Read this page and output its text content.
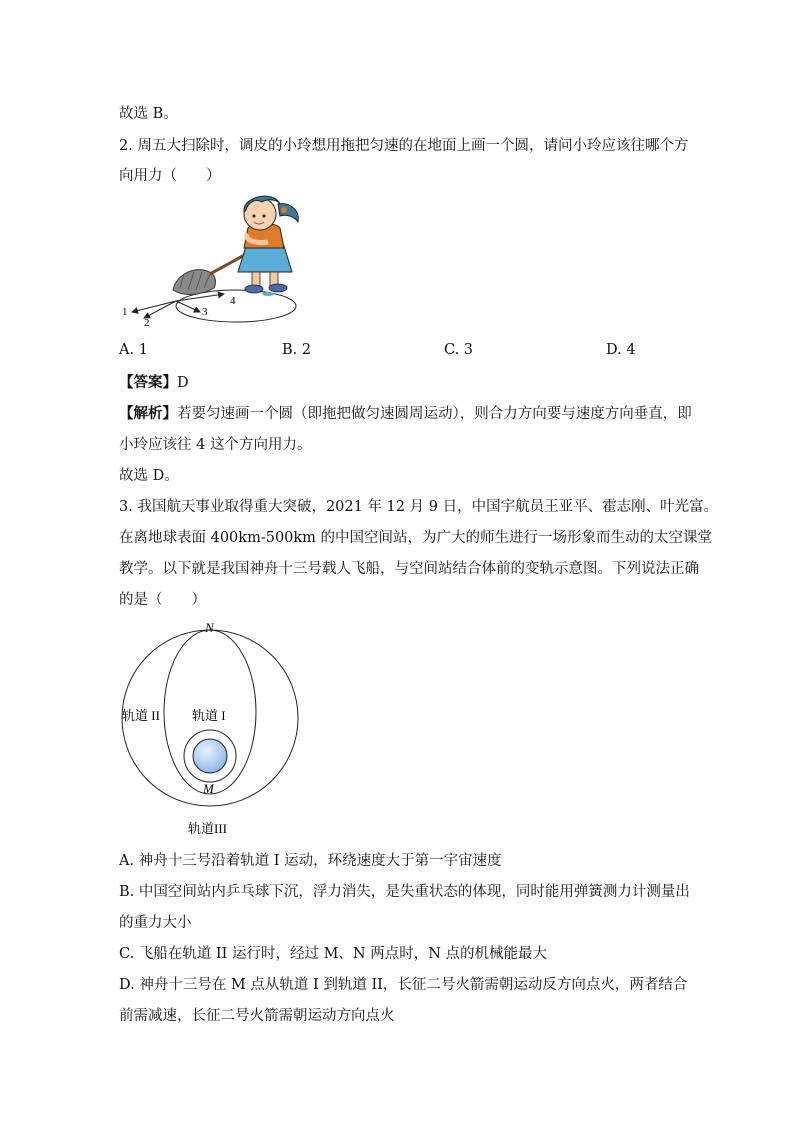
故选 B。
2. 周五大扫除时，调皮的小玲想用拖把匀速的在地面上画一个圆，请问小玲应该往哪个方
向用力（　　）
1
2
3
4
A. 1	B. 2	C. 3	D. 4
【答案】D
【解析】若要匀速画一个圆（即拖把做匀速圆周运动），则合力方向要与速度方向垂直，即
小玲应该往 4 这个方向用力。
故选 D。
3. 我国航天事业取得重大突破，2021 年 12 月 9 日，中国宇航员王亚平、霍志刚、叶光富。
在离地球表面 400km-500km 的中国空间站，为广大的师生进行一场形象而生动的太空课堂
教学。以下就是我国神舟十三号载人飞船，与空间站结合体前的变轨示意图。下列说法正确
的是（　　）
N
M
轨道 I
轨道 II
轨道III
A. 神舟十三号沿着轨道 I 运动，环绕速度大于第一宇宙速度
B. 中国空间站内乒乓球下沉，浮力消失，是失重状态的体现，同时能用弹簧测力计测量出
的重力大小
C. 飞船在轨道 II 运行时，经过 M、N 两点时，N 点的机械能最大
D. 神舟十三号在 M 点从轨道 I 到轨道 II，长征二号火箭需朝运动反方向点火，两者结合
前需减速，长征二号火箭需朝运动方向点火
